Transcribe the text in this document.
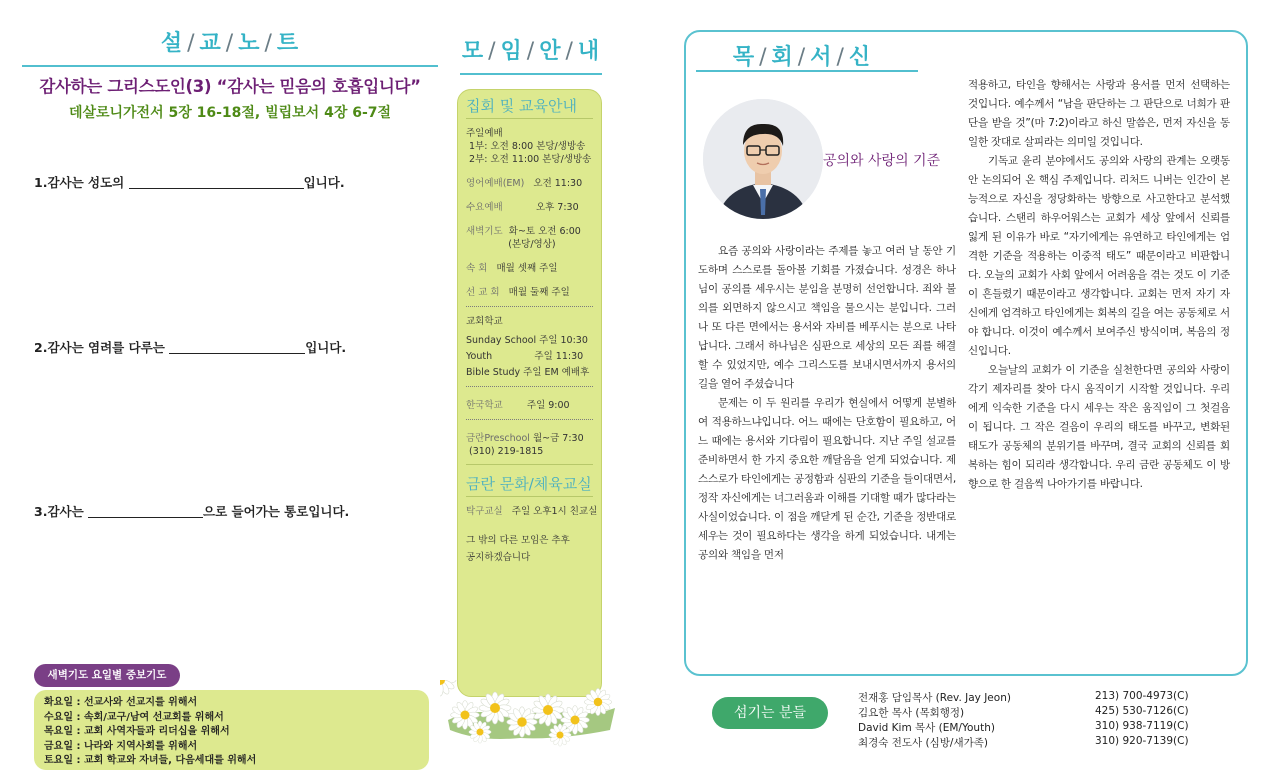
설 / 교 / 노 / 트
감사하는 그리스도인(3) “감사는 믿음의 호흡입니다”
데살로니가전서 5장 16-18절, 빌립보서 4장 6-7절
1.감사는 성도의	입니다.
2.감사는 염려를 다루는	입니다.
3.감사는	으로 들어가는 통로입니다.
새벽기도 요일별 중보기도
화요일 : 선교사와 선교지를 위해서
수요일 : 속회/교구/남여 선교회를 위해서
목요일 : 교회 사역자들과 리더십을 위해서
금요일 : 나라와 지역사회를 위해서
토요일 : 교회 학교와 자녀들, 다음세대를 위해서
모 / 임 / 안 / 내
집회 및 교육안내
주일예배
1부: 오전 8:00 본당/생방송
2부: 오전 11:00 본당/생방송
영어예배(EM) 오전 11:30
수요예배	오후 7:30
새벽기도 화~토 오전 6:00
(본당/영상)
속 회 매월 셋째 주일
선 교 회 매월 둘째 주일
교회학교
Sunday School 주일 10:30
Youth	주일 11:30
Bible Study 주일 EM 예배후
한국학교	주일 9:00
금란Preschool 월~금 7:30
(310) 219-1815
금란 문화/체육교실
탁구교실 주일 오후1시 친교실
그 밖의 다른 모임은 추후
공지하겠습니다
목 / 회 / 서 / 신
공의와 사랑의 기준

요즘 공의와 사랑이라는 주제를 놓고 여러 날 동안 기도하며 스스로를 돌아볼 기회를 가졌습니다. 성경은 하나님이 공의를 세우시는 분임을 분명히 선언합니다. 죄와 불의를 외면하지 않으시고 책임을 물으시는 분입니다. 그러나 또 다른 면에서는 용서와 자비를 베푸시는 분으로 나타납니다. 그래서 하나님은 심판으로 세상의 모든 죄를 해결할 수 있었지만, 예수 그리스도를 보내시면서까지 용서의 길을 열어 주셨습니다

문제는 이 두 원리를 우리가 현실에서 어떻게 분별하여 적용하느냐입니다. 어느 때에는 단호함이 필요하고, 어느 때에는 용서와 기다림이 필요합니다. 지난 주일 설교를 준비하면서 한 가지 중요한 깨달음을 얻게 되었습니다. 제 스스로가 타인에게는 공정함과 심판의 기준을 들이대면서, 정작 자신에게는 너그러움과 이해를 기대할 때가 많다라는 사실이었습니다. 이 점을 깨닫게 된 순간, 기준을 정반대로 세우는 것이 필요하다는 생각을 하게 되었습니다. 내게는 공의와 책임을 먼저

적용하고, 타인을 향해서는 사랑과 용서를 먼저 선택하는 것입니다. 예수께서 “남을 판단하는 그 판단으로 너희가 판단을 받을 것”(마 7:2)이라고 하신 말씀은, 먼저 자신을 동일한 잣대로 살피라는 의미일 것입니다.

기독교 윤리 분야에서도 공의와 사랑의 관계는 오랫동안 논의되어 온 핵심 주제입니다. 리처드 니버는 인간이 본능적으로 자신을 정당화하는 방향으로 사고한다고 분석했습니다. 스탠리 하우어워스는 교회가 세상 앞에서 신뢰를 잃게 된 이유가 바로 “자기에게는 유연하고 타인에게는 엄격한 기준을 적용하는 이중적 태도” 때문이라고 비판합니다. 오늘의 교회가 사회 앞에서 어려움을 겪는 것도 이 기준이 흔들렸기 때문이라고 생각합니다. 교회는 먼저 자기 자신에게 엄격하고 타인에게는 회복의 길을 여는 공동체로 서야 합니다. 이것이 예수께서 보여주신 방식이며, 복음의 정신입니다.

오늘날의 교회가 이 기준을 실천한다면 공의와 사랑이 각기 제자리를 찾아 다시 움직이기 시작할 것입니다. 우리에게 익숙한 기준을 다시 세우는 작은 움직임이 그 첫걸음이 됩니다. 그 작은 걸음이 우리의 태도를 바꾸고, 변화된 태도가 공동체의 분위기를 바꾸며, 결국 교회의 신뢰를 회복하는 힘이 되리라 생각합니다. 우리 금란 공동체도 이 방향으로 한 걸음씩 나아가기를 바랍니다.

섬기는 분들
전재홍 담임목사 (Rev. Jay Jeon)	213) 700-4973(C)
김요한 목사 (목회행정)	425) 530-7126(C)
David Kim 목사 (EM/Youth)	310) 938-7119(C)
최경숙 전도사 (심방/새가족)	310) 920-7139(C)
